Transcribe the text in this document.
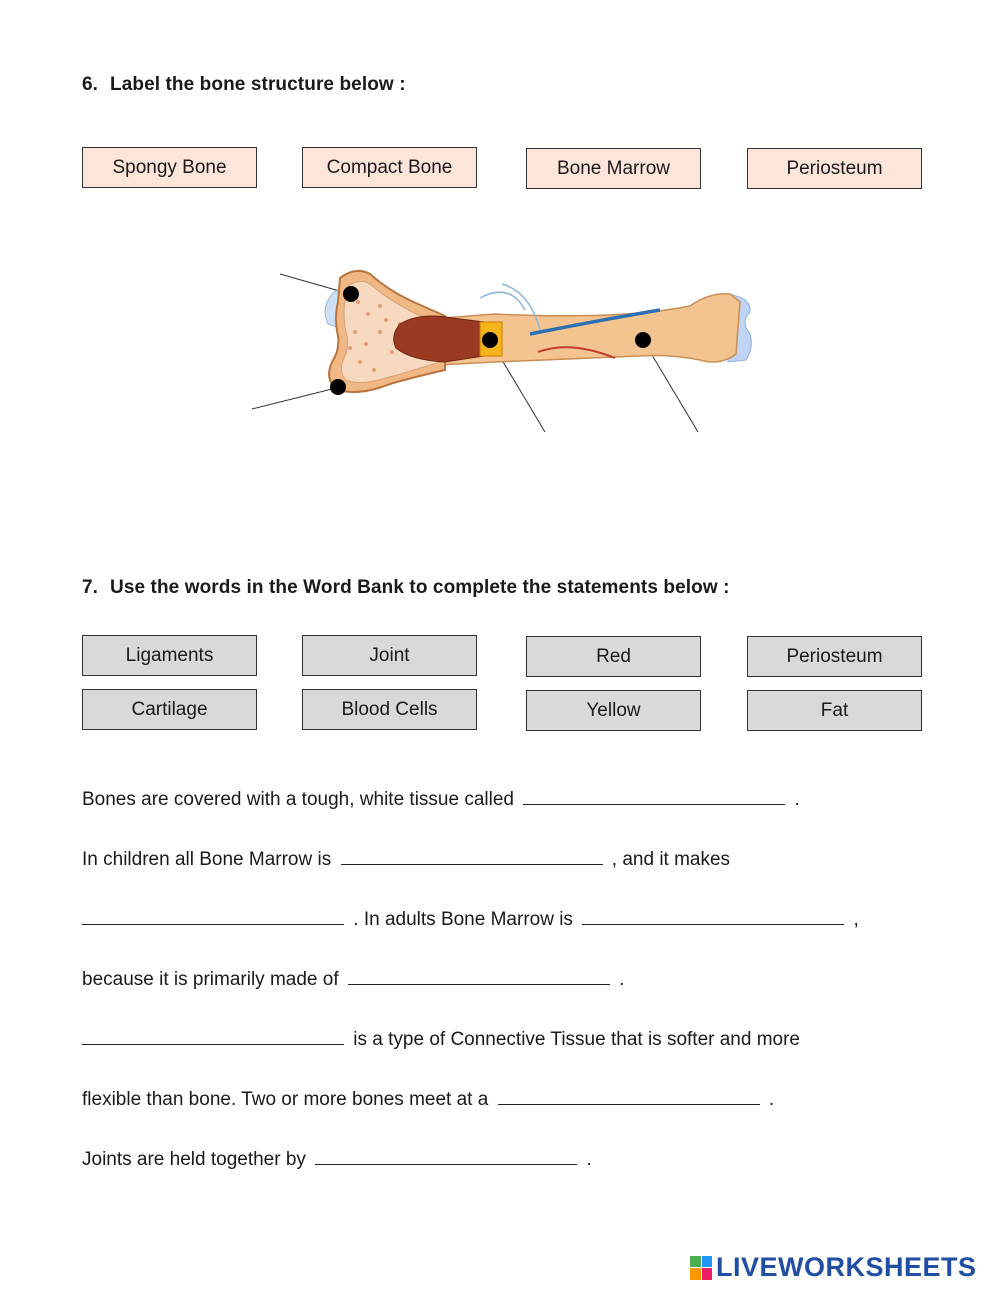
6. Label the bone structure below :
Spongy Bone	Compact Bone	Bone Marrow	Periosteum
7. Use the words in the Word Bank to complete the statements below :
Ligaments	Joint	Red	Periosteum
Cartilage	Blood Cells	Yellow	Fat
Bones are covered with a tough, white tissue called	.
In children all Bone Marrow is	, and it makes
. In adults Bone Marrow is	,
because it is primarily made of	.
is a type of Connective Tissue that is softer and more
flexible than bone. Two or more bones meet at a	.
Joints are held together by	.
LIVEWORKSHEETS
